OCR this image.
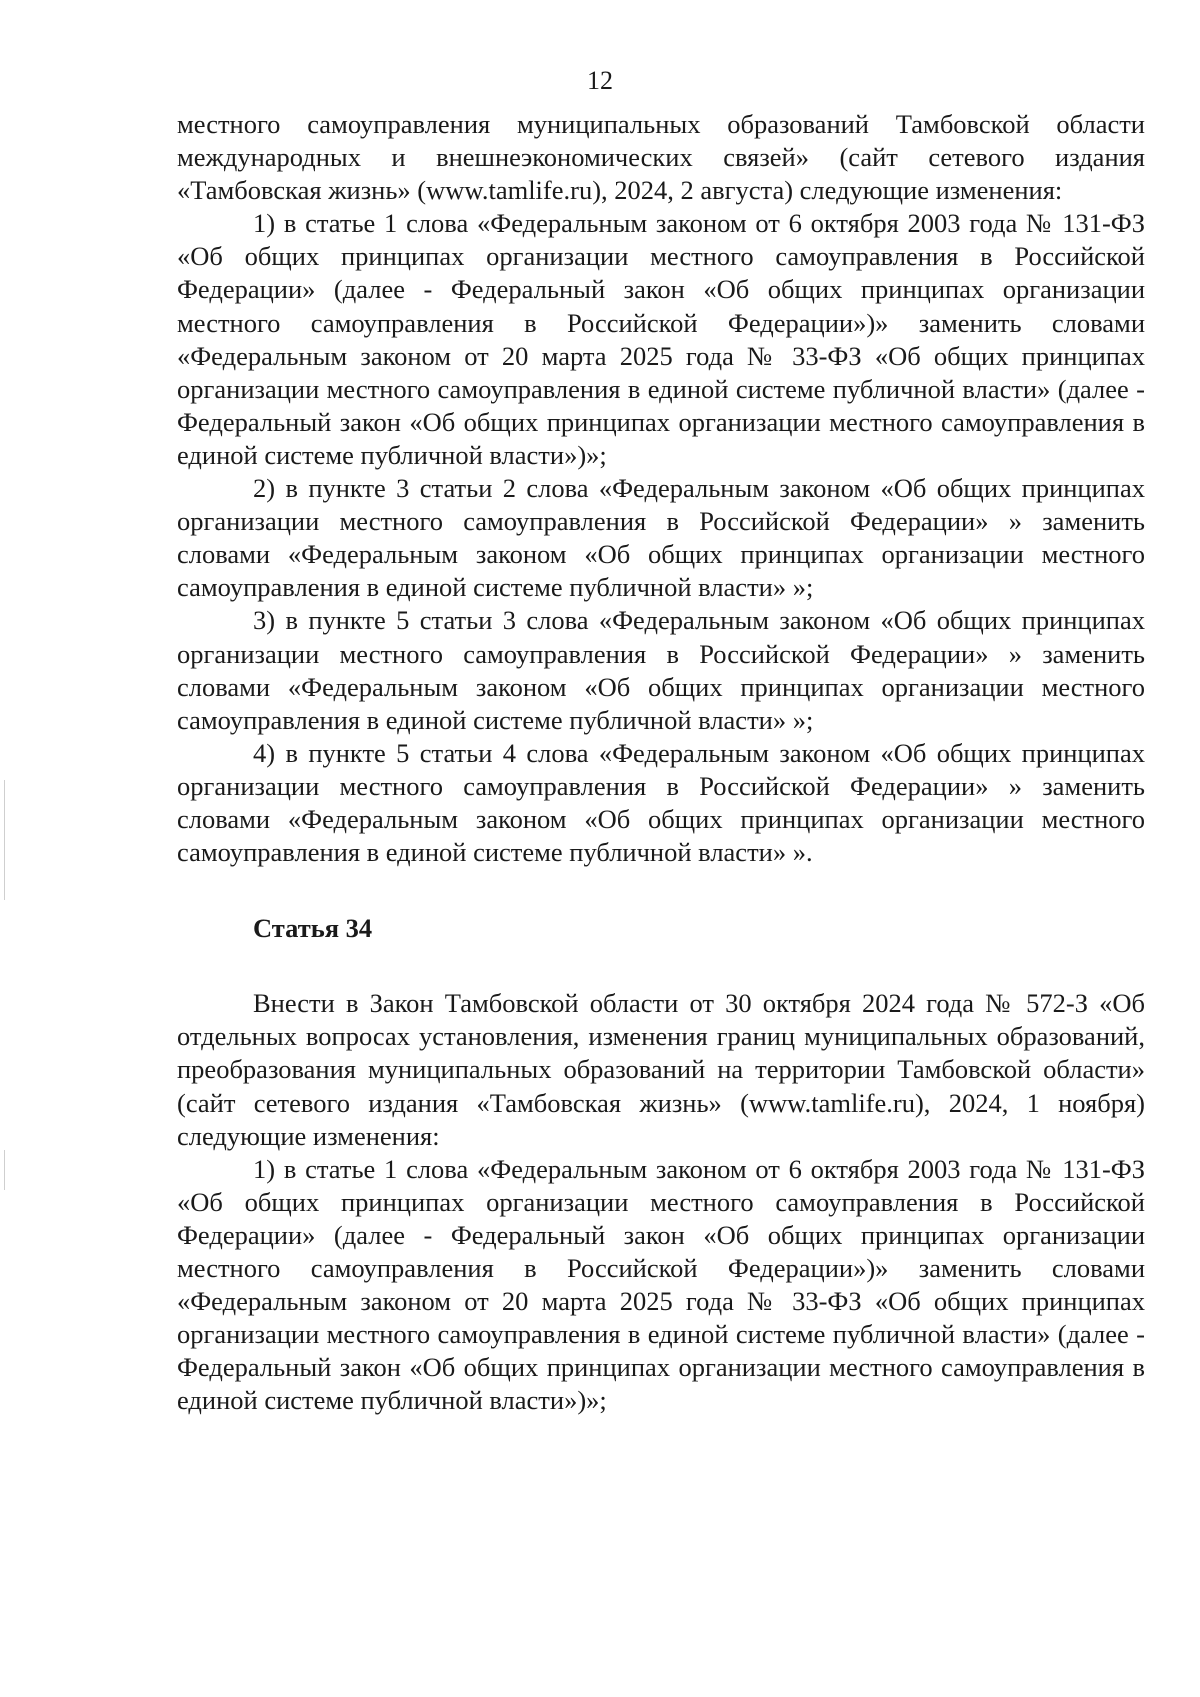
12

местного самоуправления муниципальных образований Тамбовской области международных и внешнеэкономических связей» (сайт сетевого издания «Тамбовская жизнь» (www.tamlife.ru), 2024, 2 августа) следующие изменения:

1) в статье 1 слова «Федеральным законом от 6 октября 2003 года № 131-ФЗ «Об общих принципах организации местного самоуправления в Российской Федерации» (далее - Федеральный закон «Об общих принципах организации местного самоуправления в Российской Федерации»)» заменить словами «Федеральным законом от 20 марта 2025 года № 33-ФЗ «Об общих принципах организации местного самоуправления в единой системе публичной власти» (далее - Федеральный закон «Об общих принципах организации местного самоуправления в единой системе публичной власти»)»;

2) в пункте 3 статьи 2 слова «Федеральным законом «Об общих принципах организации местного самоуправления в Российской Федерации» » заменить словами «Федеральным законом «Об общих принципах организации местного самоуправления в единой системе публичной власти» »;

3) в пункте 5 статьи 3 слова «Федеральным законом «Об общих принципах организации местного самоуправления в Российской Федерации» » заменить словами «Федеральным законом «Об общих принципах организации местного самоуправления в единой системе публичной власти» »;

4) в пункте 5 статьи 4 слова «Федеральным законом «Об общих принципах организации местного самоуправления в Российской Федерации» » заменить словами «Федеральным законом «Об общих принципах организации местного самоуправления в единой системе публичной власти» ».

Статья 34

Внести в Закон Тамбовской области от 30 октября 2024 года № 572-З «Об отдельных вопросах установления, изменения границ муниципальных образований, преобразования муниципальных образований на территории Тамбовской области» (сайт сетевого издания «Тамбовская жизнь» (www.tamlife.ru), 2024, 1 ноября) следующие изменения:

1) в статье 1 слова «Федеральным законом от 6 октября 2003 года № 131-ФЗ «Об общих принципах организации местного самоуправления в Российской Федерации» (далее - Федеральный закон «Об общих принципах организации местного самоуправления в Российской Федерации»)» заменить словами «Федеральным законом от 20 марта 2025 года № 33-ФЗ «Об общих принципах организации местного самоуправления в единой системе публичной власти» (далее - Федеральный закон «Об общих принципах организации местного самоуправления в единой системе публичной власти»)»;
